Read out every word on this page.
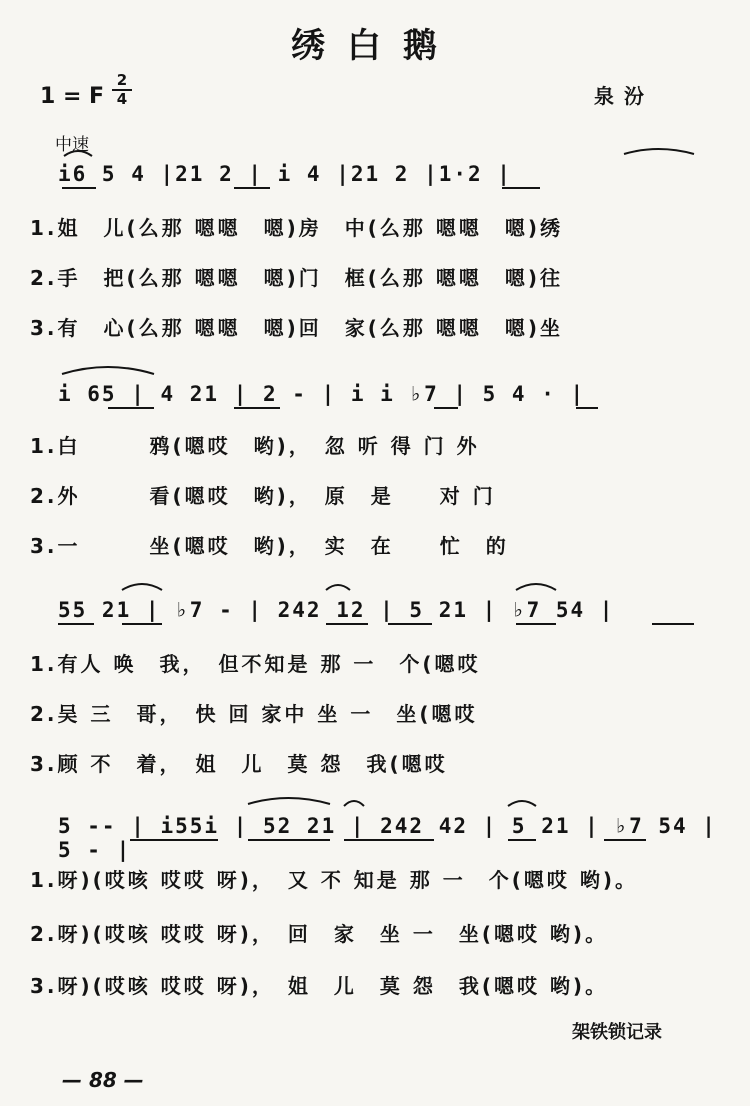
绣白鹅
1 = F $\frac{2}{4}$	泉汾
中速
i6 5 4 |21 2 | i 4 |21 2 |1·2 |
1.姐　儿(么那 嗯嗯　嗯)房　中(么那 嗯嗯　嗯)绣
2.手　把(么那 嗯嗯　嗯)门　框(么那 嗯嗯　嗯)往
3.有　心(么那 嗯嗯　嗯)回　家(么那 嗯嗯　嗯)坐
i 65 | 4 21 | 2 - | i i ♭7 | 5 4 · |
1.白　　　鸦(嗯哎　哟)，　忽 听 得 门 外
2.外　　　看(嗯哎　哟)，　原　是　　对 门
3.一　　　坐(嗯哎　哟)，　实　在　　忙　的
55 21 | ♭7 - | 242 12 | 5 21 | ♭7 54 |
1.有人 唤　我，　但不知是 那 一　个(嗯哎
2.吴 三　哥，　快 回 家中 坐 一　坐(嗯哎
3.顾 不　着，　姐　儿　莫 怨　我(嗯哎
5 -- | i55i | 52 21 | 242 42 | 5 21 | ♭7 54 | 5 - |
1.呀)(哎咳 哎哎 呀)，　又 不 知是 那 一　个(嗯哎 哟)。
2.呀)(哎咳 哎哎 呀)，　回　家　坐 一　坐(嗯哎 哟)。
3.呀)(哎咳 哎哎 呀)，　姐　儿　莫 怨　我(嗯哎 哟)。
架铁锁记录
— 88 —
